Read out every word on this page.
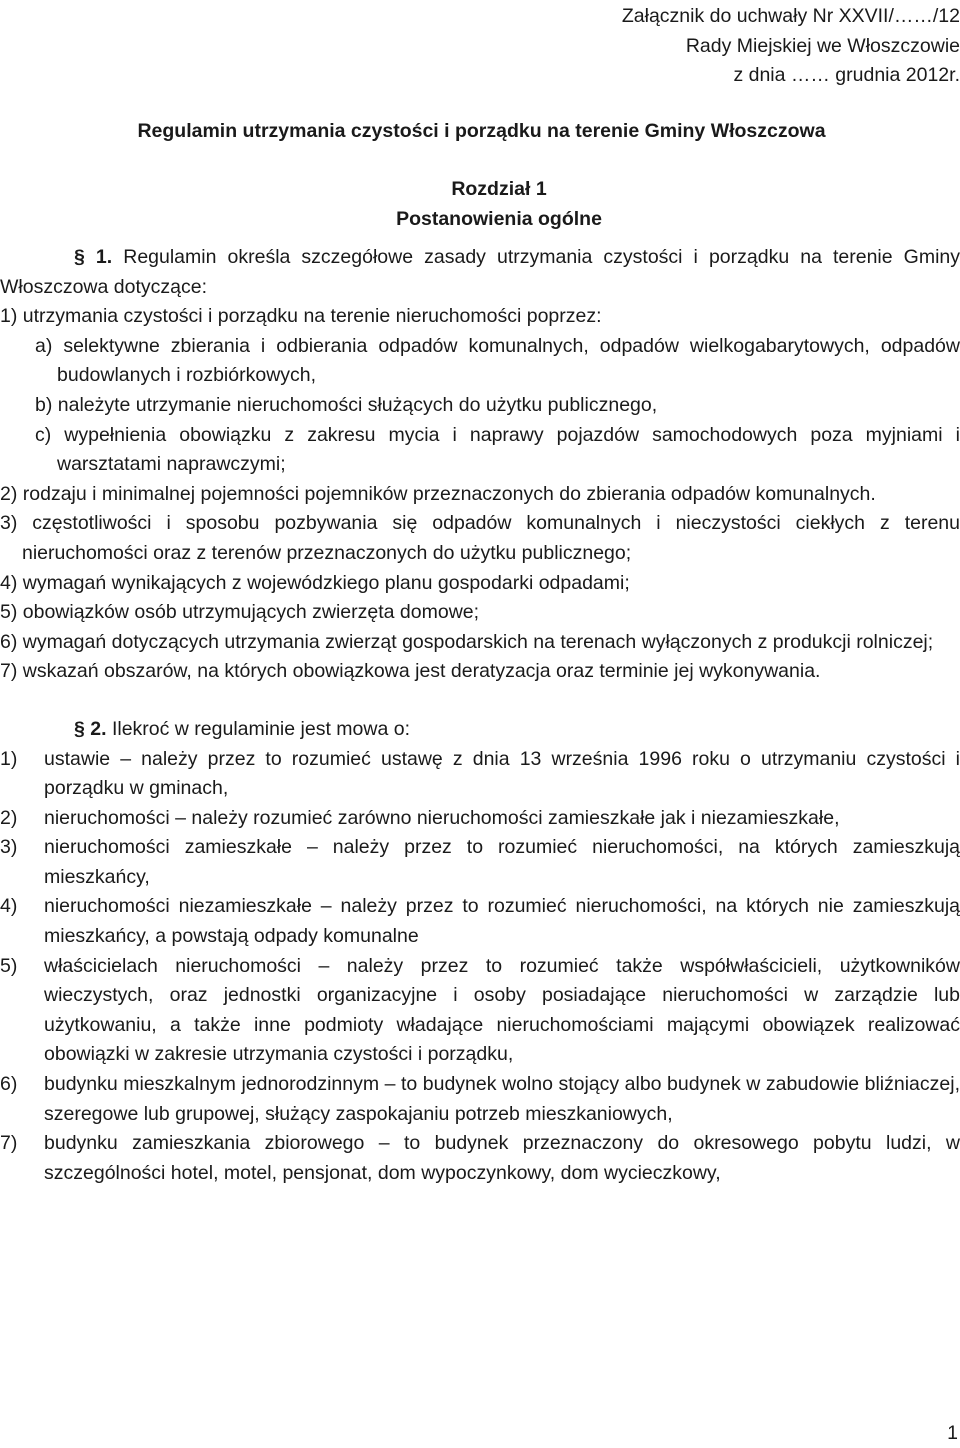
Załącznik do uchwały Nr XXVII/……/12
Rady Miejskiej we Włoszczowie
z dnia …… grudnia 2012r.
Regulamin utrzymania czystości i porządku na terenie Gminy Włoszczowa
Rozdział 1
Postanowienia ogólne

§ 1. Regulamin określa szczegółowe zasady utrzymania czystości i porządku na terenie Gminy Włoszczowa dotyczące:

1) utrzymania czystości i porządku na terenie nieruchomości poprzez:

a) selektywne zbierania i odbierania odpadów komunalnych, odpadów wielkogabarytowych, odpadów budowlanych i rozbiórkowych,

b) należyte utrzymanie nieruchomości służących do użytku publicznego,

c) wypełnienia obowiązku z zakresu mycia i naprawy pojazdów samochodowych poza myjniami i warsztatami naprawczymi;

2) rodzaju i minimalnej pojemności pojemników przeznaczonych do zbierania odpadów komunalnych.

3) częstotliwości i sposobu pozbywania się odpadów komunalnych i nieczystości ciekłych z terenu nieruchomości oraz z terenów przeznaczonych do użytku publicznego;

4) wymagań wynikających z wojewódzkiego planu gospodarki odpadami;

5) obowiązków osób utrzymujących zwierzęta domowe;

6) wymagań dotyczących utrzymania zwierząt gospodarskich na terenach wyłączonych z produkcji rolniczej;

7) wskazań obszarów, na których obowiązkowa jest deratyzacja oraz terminie jej wykonywania.

§ 2. Ilekroć w regulaminie jest mowa o:

1) ustawie – należy przez to rozumieć ustawę z dnia 13 września 1996 roku o utrzymaniu czystości i porządku w gminach,
2) nieruchomości – należy rozumieć zarówno nieruchomości zamieszkałe jak i niezamieszkałe,
3) nieruchomości zamieszkałe – należy przez to rozumieć nieruchomości, na których zamieszkują mieszkańcy,
4) nieruchomości niezamieszkałe – należy przez to rozumieć nieruchomości, na których nie zamieszkują mieszkańcy, a powstają odpady komunalne
5) właścicielach nieruchomości – należy przez to rozumieć także współwłaścicieli, użytkowników wieczystych, oraz jednostki organizacyjne i osoby posiadające nieruchomości w zarządzie lub użytkowaniu, a także inne podmioty władające nieruchomościami mającymi obowiązek realizować obowiązki w zakresie utrzymania czystości i porządku,
6) budynku mieszkalnym jednorodzinnym – to budynek wolno stojący albo budynek w zabudowie bliźniaczej, szeregowe lub grupowej, służący zaspokajaniu potrzeb mieszkaniowych,
7) budynku zamieszkania zbiorowego – to budynek przeznaczony do okresowego pobytu ludzi, w szczególności hotel, motel, pensjonat, dom wypoczynkowy, dom wycieczkowy,
1
